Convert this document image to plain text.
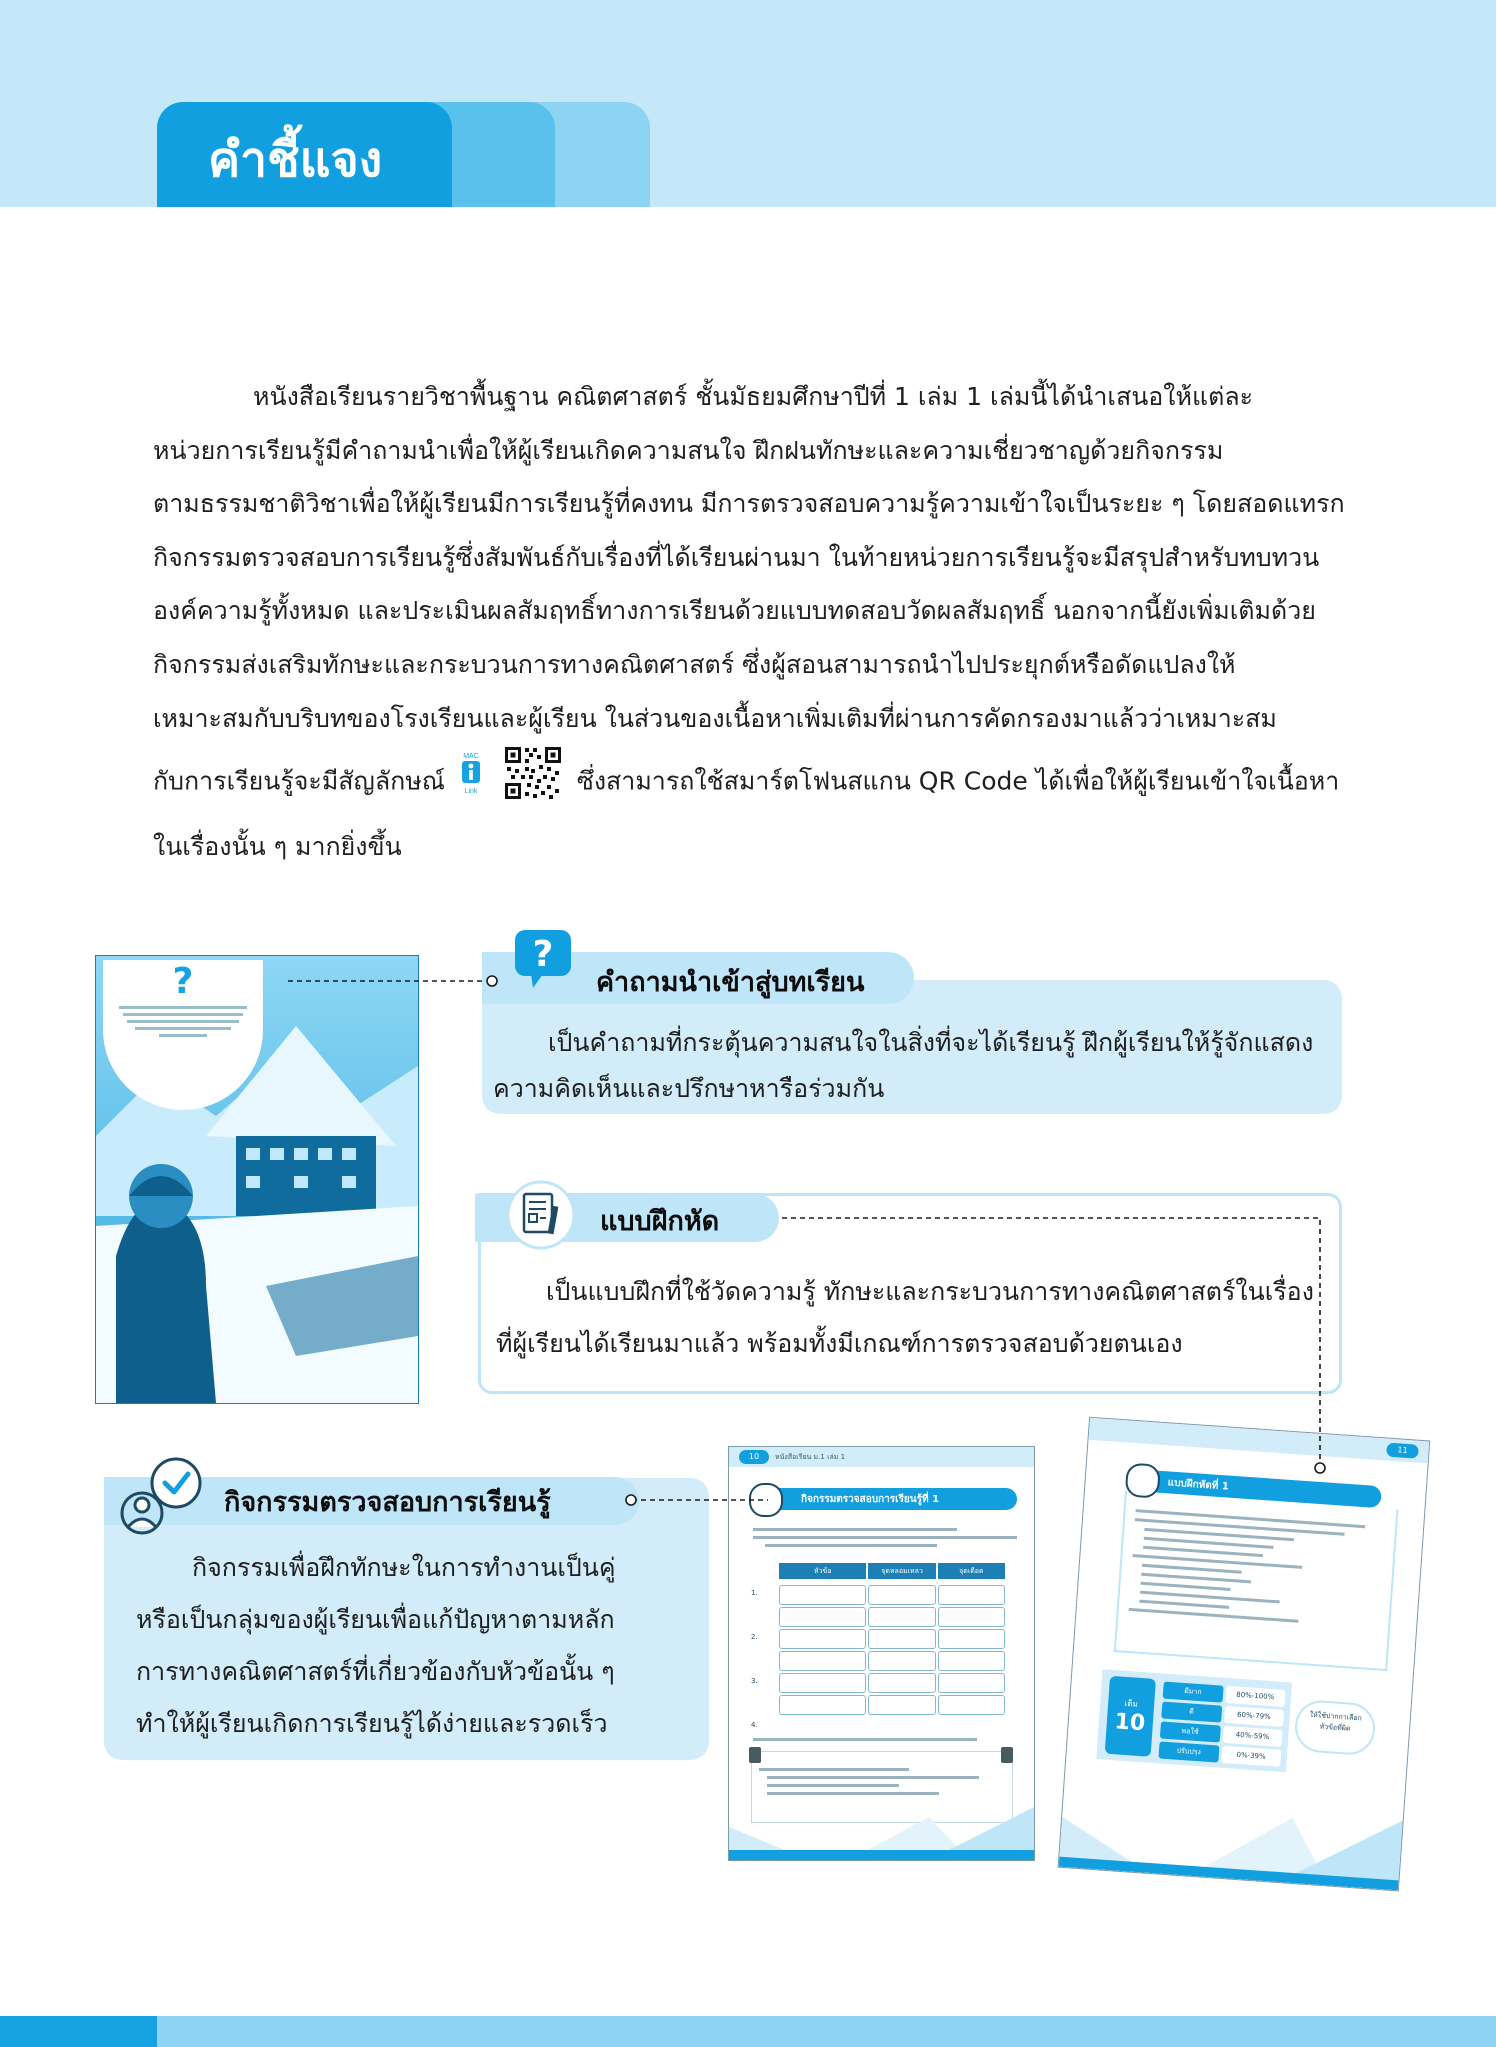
คำชี้แจง
หนังสือเรียนรายวิชาพื้นฐาน คณิตศาสตร์ ชั้นมัธยมศึกษาปีที่ 1 เล่ม 1 เล่มนี้ได้นำเสนอให้แต่ละ
หน่วยการเรียนรู้มีคำถามนำเพื่อให้ผู้เรียนเกิดความสนใจ ฝึกฝนทักษะและความเชี่ยวชาญด้วยกิจกรรม
ตามธรรมชาติวิชาเพื่อให้ผู้เรียนมีการเรียนรู้ที่คงทน มีการตรวจสอบความรู้ความเข้าใจเป็นระยะ ๆ โดยสอดแทรก
กิจกรรมตรวจสอบการเรียนรู้ซึ่งสัมพันธ์กับเรื่องที่ได้เรียนผ่านมา ในท้ายหน่วยการเรียนรู้จะมีสรุปสำหรับทบทวน
องค์ความรู้ทั้งหมด และประเมินผลสัมฤทธิ์ทางการเรียนด้วยแบบทดสอบวัดผลสัมฤทธิ์ นอกจากนี้ยังเพิ่มเติมด้วย
กิจกรรมส่งเสริมทักษะและกระบวนการทางคณิตศาสตร์ ซึ่งผู้สอนสามารถนำไปประยุกต์หรือดัดแปลงให้
เหมาะสมกับบริบทของโรงเรียนและผู้เรียน ในส่วนของเนื้อหาเพิ่มเติมที่ผ่านการคัดกรองมาแล้วว่าเหมาะสม
กับการเรียนรู้จะมีสัญลักษณ์
MAC
Link	ซึ่งสามารถใช้สมาร์ตโฟนสแกน QR Code ได้เพื่อให้ผู้เรียนเข้าใจเนื้อหา
ในเรื่องนั้น ๆ มากยิ่งขึ้น
?
?
คำถามนำเข้าสู่บทเรียน
เป็นคำถามที่กระตุ้นความสนใจในสิ่งที่จะได้เรียนรู้ ฝึกผู้เรียนให้รู้จักแสดงความคิดเห็นและปรึกษาหารือร่วมกัน
แบบฝึกหัด
เป็นแบบฝึกที่ใช้วัดความรู้ ทักษะและกระบวนการทางคณิตศาสตร์ในเรื่องที่ผู้เรียนได้เรียนมาแล้ว พร้อมทั้งมีเกณฑ์การตรวจสอบด้วยตนเอง
กิจกรรมตรวจสอบการเรียนรู้
กิจกรรมเพื่อฝึกทักษะในการทำงานเป็นคู่
หรือเป็นกลุ่มของผู้เรียนเพื่อแก้ปัญหาตามหลัก
การทางคณิตศาสตร์ที่เกี่ยวข้องกับหัวข้อนั้น ๆ
ทำให้ผู้เรียนเกิดการเรียนรู้ได้ง่ายและรวดเร็ว
10	หนังสือเรียน ม.1 เล่ม 1
กิจกรรมตรวจสอบการเรียนรู้ที่ 1
หัวข้อ	จุดหลอมเหลว	จุดเดือด
1.
2.
3.
4.
11
แบบฝึกหัดที่ 1
เต็ม
10
ดีมาก	80%-100%
ดี	60%-79%
พอใช้	40%-59%
ปรับปรุง	0%-39%
ให้ใช้ปากกาเลือกหัวข้อที่ผิด
